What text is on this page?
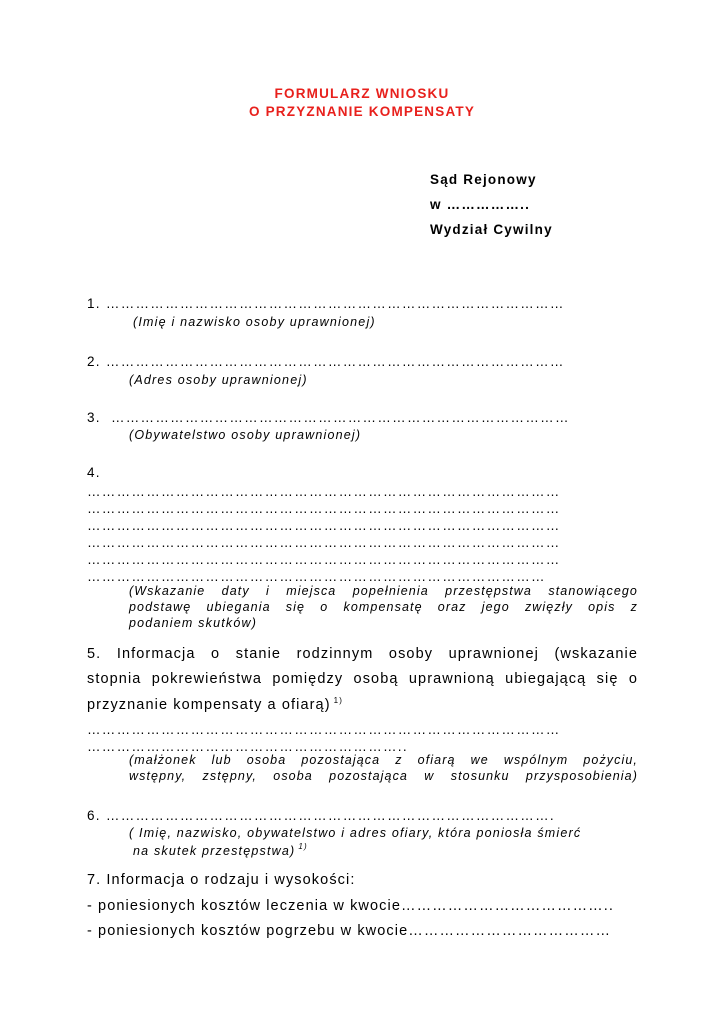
FORMULARZ WNIOSKU
O PRZYZNANIE KOMPENSATY
Sąd Rejonowy
w ……………..
Wydział Cywilny
1. …………………………………………………………………………………
(Imię i nazwisko osoby uprawnionej)
2. …………………………………………………………………………………
(Adres osoby uprawnionej)
3.  …………………………………………………………………………………
(Obywatelstwo osoby uprawnionej)
4.
……………………………………………………………………………………
……………………………………………………………………………………
……………………………………………………………………………………
……………………………………………………………………………………
……………………………………………………………………………………
…………………………………………………………………………………
(Wskazanie daty i miejsca popełnienia przestępstwa stanowiącego
podstawę ubiegania się o kompensatę oraz jego zwięzły opis z
podaniem skutków)
5. Informacja o stanie rodzinnym osoby uprawnionej (wskazanie
stopnia pokrewieństwa pomiędzy osobą uprawnioną ubiegającą się o
przyznanie kompensaty a ofiarą) $^{1)}$
……………………………………………………………………………………
………………………………………………………..
(małżonek lub osoba pozostająca z ofiarą we wspólnym pożyciu,
wstępny, zstępny, osoba pozostająca w stosunku przysposobienia)
6. ……………………………………………………………………………….
( Imię, nazwisko, obywatelstwo i adres ofiary, która poniosła śmierć
na skutek przestępstwa) $^{1)}$
7. Informacja o rodzaju i wysokości:
- poniesionych kosztów leczenia w kwocie…………………………………..
- poniesionych kosztów pogrzebu w kwocie…………………………………
